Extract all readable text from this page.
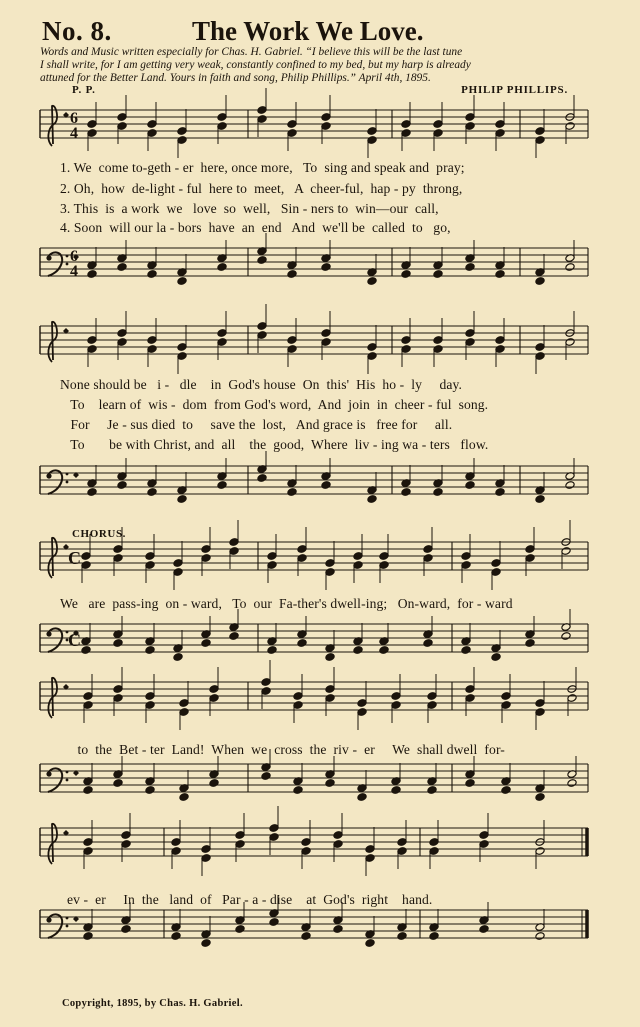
No. 8.	The Work We Love.
Words and Music written especially for Chas. H. Gabriel. “I believe this will be the last tune
I shall write, for I am getting very weak, constantly confined to my bed, but my harp is already
attuned for the Better Land. Yours in faith and song, Philip Phillips.” April 4th, 1895.
P. P.	PHILIP PHILLIPS.
CHORUS.
6
4
6
4
C
C

1. We  come to-geth - er  here, once more,   To  sing and speak and  pray;

2. Oh,  how  de-light - ful  here to  meet,   A  cheer-ful,  hap - py  throng,

3. This  is  a work  we   love  so  well,   Sin - ners to  win—our  call,

4. Soon  will our la - bors  have  an  end   And  we'll be  called  to   go,

None should be   i -   dle    in  God's house  On  this'  His  ho -  ly     day.

To    learn of  wis -  dom  from God's word,  And  join  in  cheer - ful  song.

For     Je - sus died  to     save the  lost,   And grace is   free for     all.

To       be with Christ, and  all    the  good,  Where  liv - ing wa - ters   flow.

We   are  pass-ing  on - ward,   To  our  Fa-ther's dwell-ing;   On-ward,  for - ward

to  the  Bet - ter  Land!  When  we  cross  the  riv -  er     We  shall dwell  for-

ev -  er     In  the   land  of   Par - a - dise    at  God's  right    hand.

Copyright, 1895, by Chas. H. Gabriel.
